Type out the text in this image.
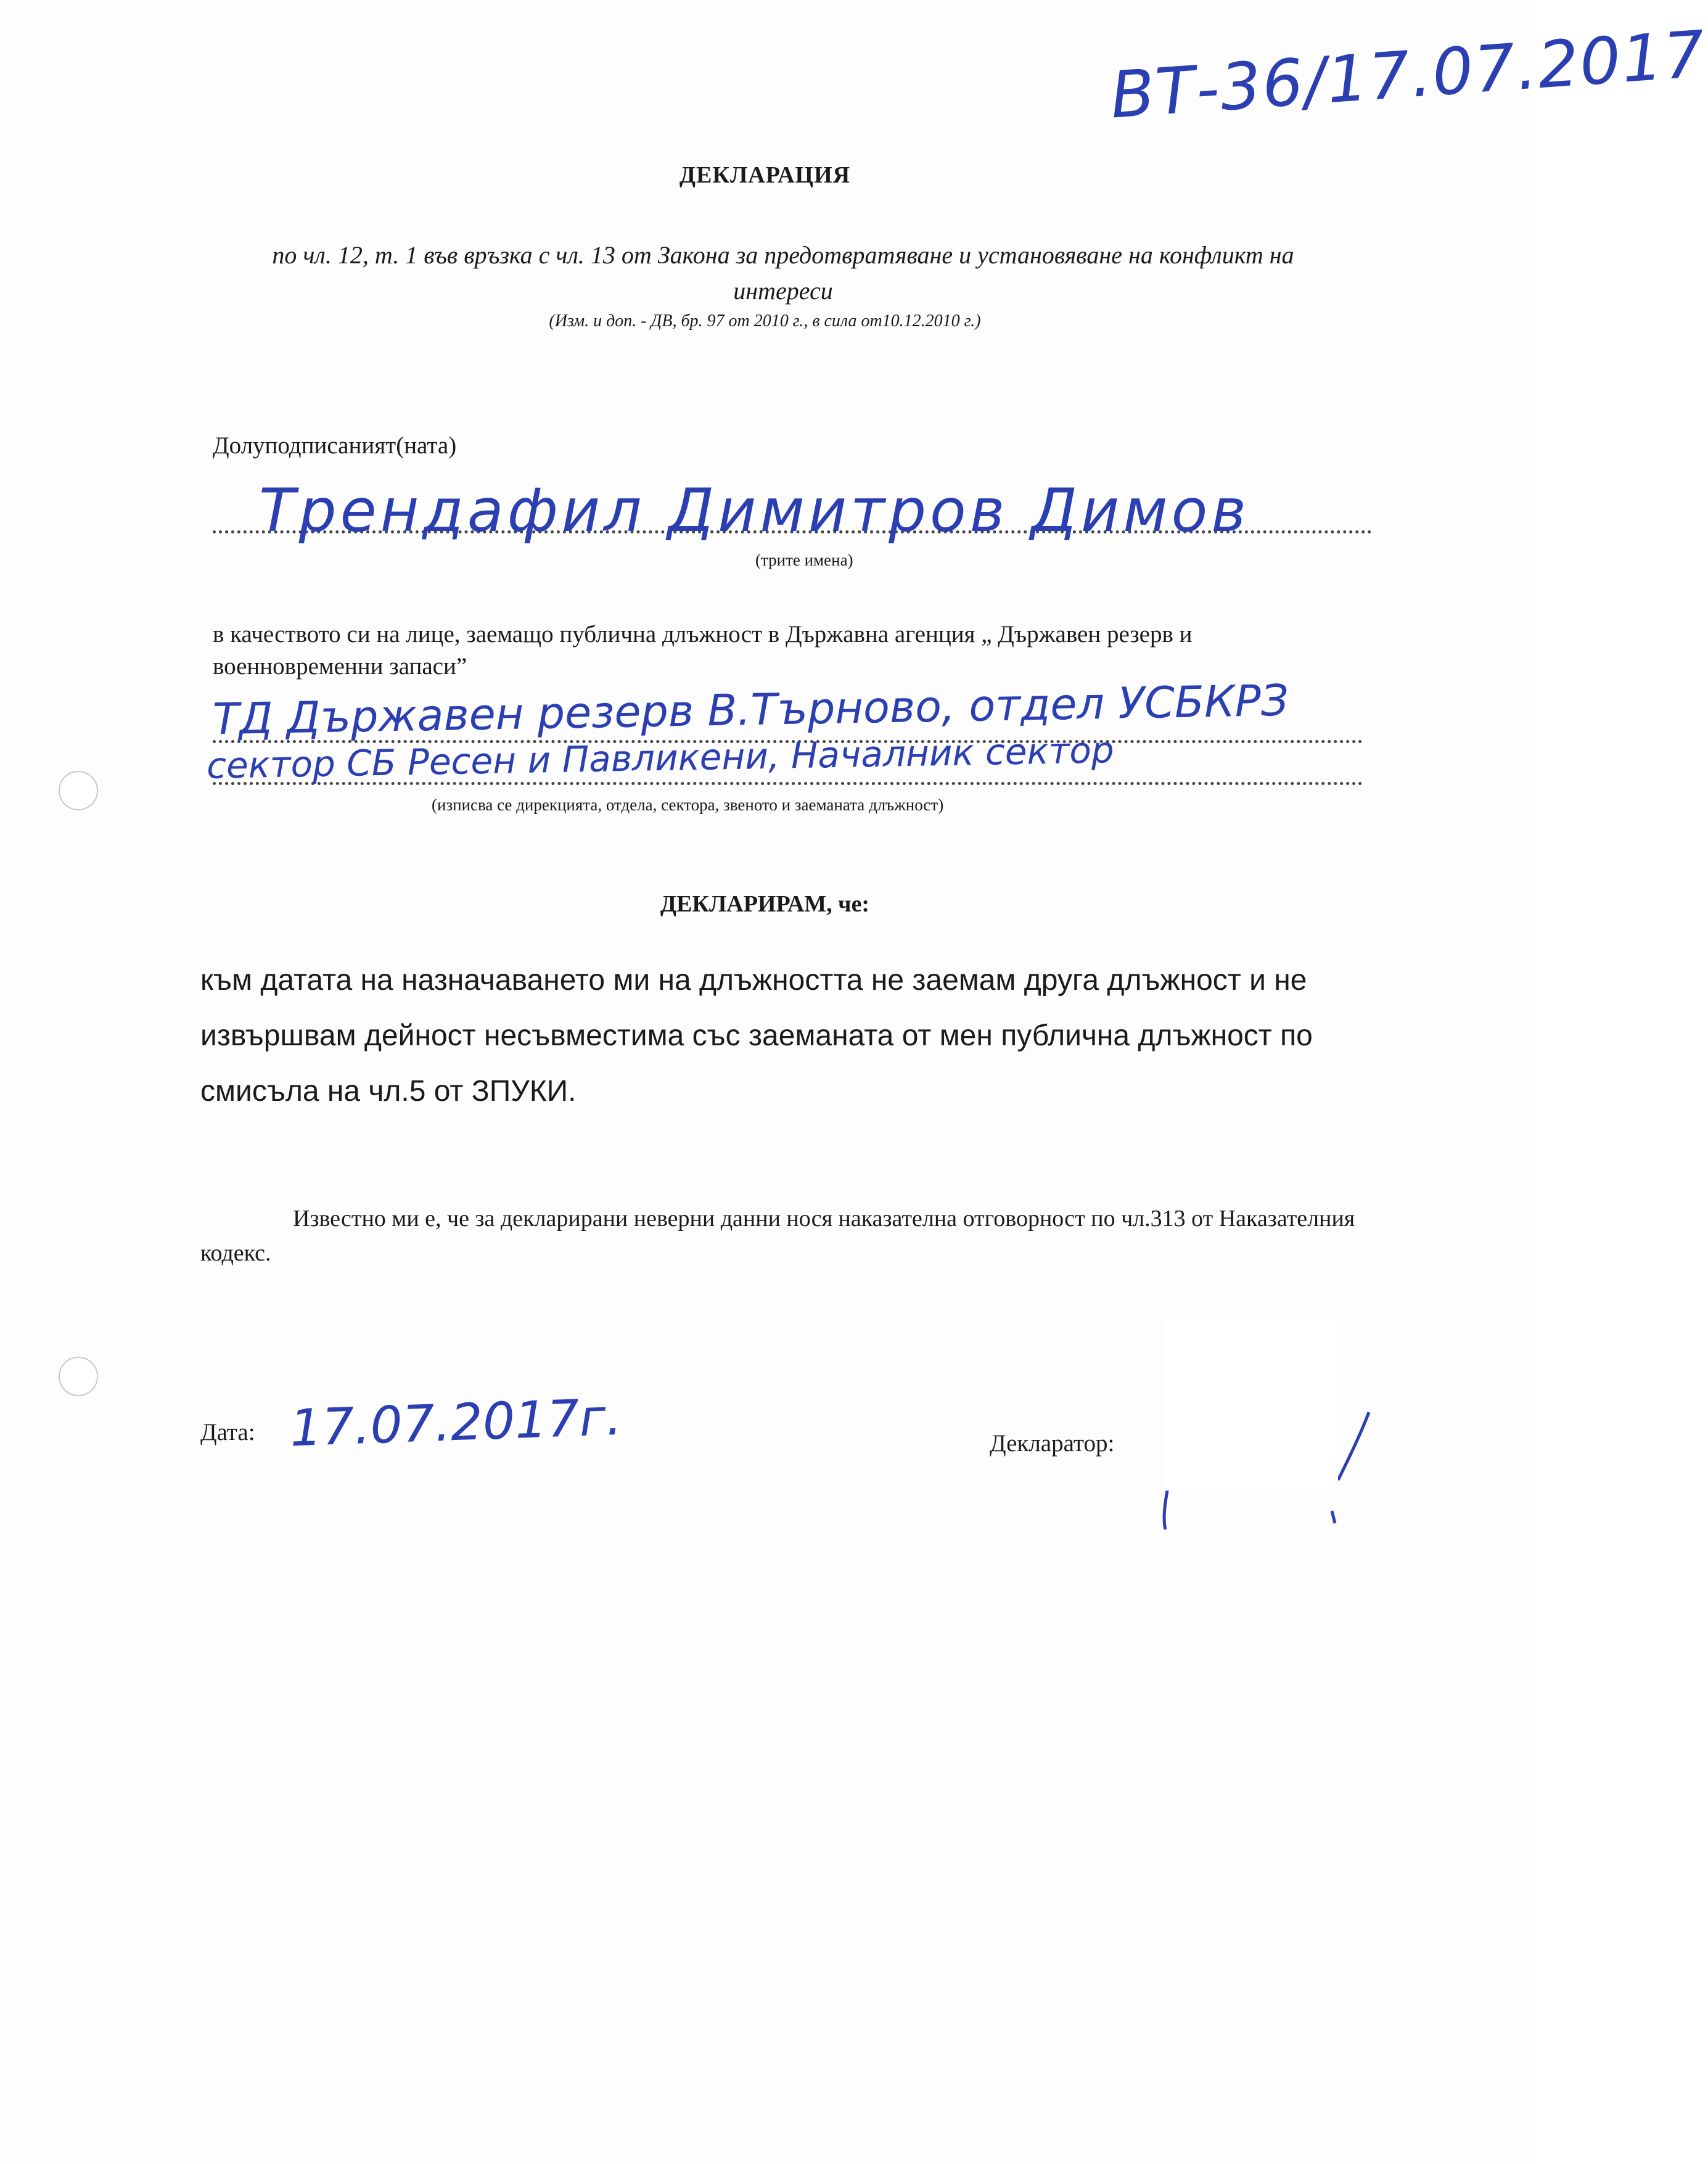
ВТ-36/17.07.2017
ДЕКЛАРАЦИЯ
по чл. 12, т. 1 във връзка с чл. 13 от Закона за предотвратяване и установяване на конфликт на интереси
(Изм. и доп. - ДВ, бр. 97 от 2010 г., в сила от10.12.2010 г.)
Долуподписаният(ната)
Трендафил Димитров Димов
(трите имена)
в качеството си на лице, заемащо публична длъжност в Държавна агенция „ Държавен резерв и военновременни запаси”
ТД Държавен резерв В.Търново, отдел УСБКРЗ
сектор СБ Ресен и Павликени, Началник сектор
(изписва се дирекцията, отдела, сектора, звеното и заеманата длъжност)
ДЕКЛАРИРАМ, че:
към датата на назначаването ми на длъжността не заемам друга длъжност и не извършвам дейност несъвместима със заеманата от мен публична длъжност по смисъла на чл.5 от ЗПУКИ.
Известно ми е, че за декларирани неверни данни нося наказателна отговорност по чл.313 от Наказателния кодекс.
Дата: 17.07.2017г.	Декларатор:
